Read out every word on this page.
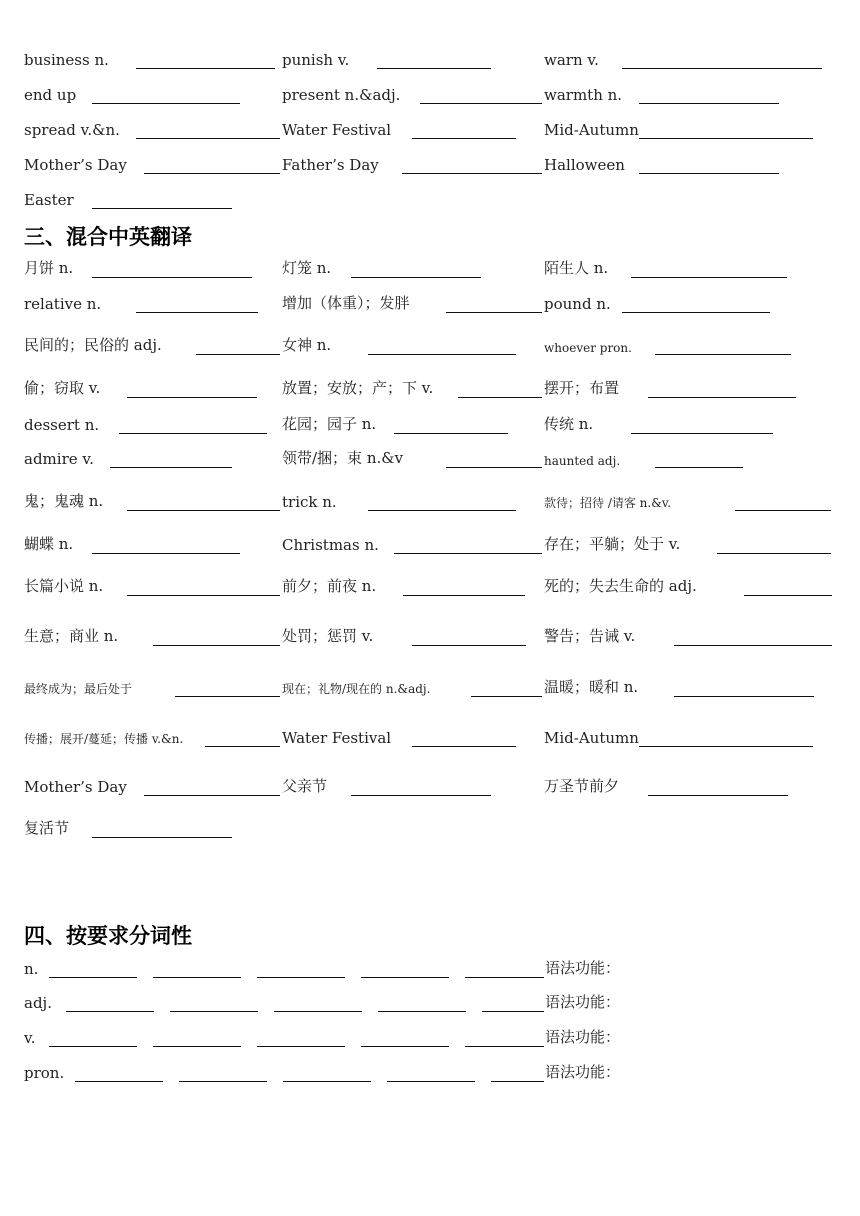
business n.	punish v.	warn v.
end up	present n.&adj.	warmth n.
spread v.&n.	Water Festival	Mid-Autumn
Mother’s Day	Father’s Day	Halloween
Easter
三、混合中英翻译
月饼 n.	灯笼 n.	陌生人 n.
relative n.	增加（体重）；发胖	pound n.
民间的；民俗的 adj.	女神 n.	whoever pron.
偷；窃取 v.	放置；安放；产；下 v.	摆开；布置
dessert n.	花园；园子 n.	传统 n.
admire v.	领带/捆；束 n.&v	haunted adj.
鬼；鬼魂 n.	trick n.	款待；招待 /请客 n.&v.
蝴蝶 n.	Christmas n.	存在；平躺；处于 v.
长篇小说 n.	前夕；前夜 n.	死的；失去生命的 adj.
生意；商业 n.	处罚；惩罚 v.	警告；告诫 v.
最终成为；最后处于	现在；礼物/现在的 n.&adj.	温暖；暖和 n.
传播；展开/蔓延；传播 v.&n.	Water Festival	Mid-Autumn
Mother’s Day	父亲节	万圣节前夕
复活节
四、按要求分词性
n.	语法功能：
adj.	语法功能：
v.	语法功能：
pron.	语法功能：
